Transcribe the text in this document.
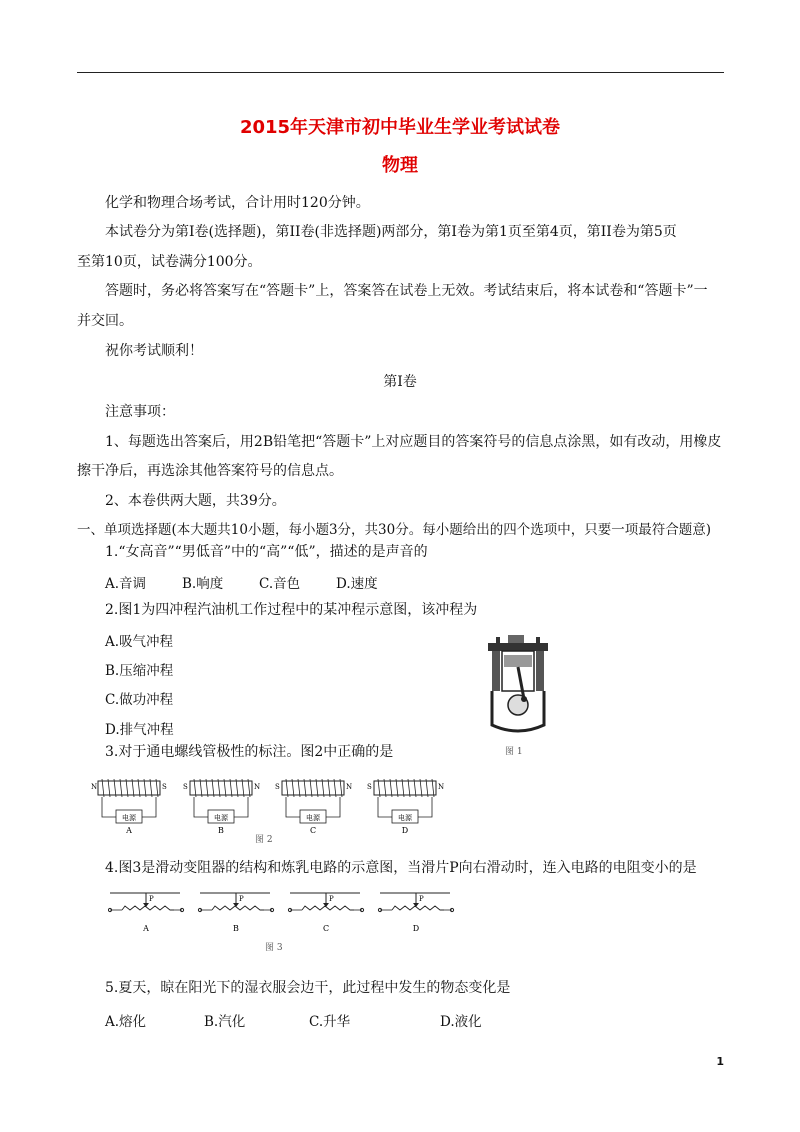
2015年天津市初中毕业生学业考试试卷
物理
化学和物理合场考试，合计用时120分钟。
本试卷分为第Ⅰ卷(选择题)，第II卷(非选择题)两部分，第Ⅰ卷为第1页至第4页，第II卷为第5页
至第10页，试卷满分100分。
答题时，务必将答案写在“答题卡”上，答案答在试卷上无效。考试结束后，将本试卷和“答题卡”一
并交回。
祝你考试顺利！
第Ⅰ卷
注意事项：
1、每题选出答案后，用2B铅笔把“答题卡”上对应题目的答案符号的信息点涂黑，如有改动，用橡皮
擦干净后，再选涂其他答案符号的信息点。
2、本卷供两大题，共39分。
一、单项选择题(本大题共10小题，每小题3分，共30分。每小题给出的四个选项中，只要一项最符合题意)
1.“女高音”“男低音”中的“高”“低”，描述的是声音的
A.音调	B.响度	C.音色	D.速度
2.图1为四冲程汽油机工作过程中的某冲程示意图，该冲程为
A.吸气冲程
B.压缩冲程
C.做功冲程
D.排气冲程
图 1
3.对于通电螺线管极性的标注。图2中正确的是
电源
N	S
A
电源
S	N
B
电源
S	N
C
电源
S	N
D
图 2
4.图3是滑动变阻器的结构和炼乳电路的示意图，当滑片P向右滑动时，连入电路的电阻变小的是
P
A
P
B
P
C
P
D
图 3
5.夏天，晾在阳光下的湿衣服会边干，此过程中发生的物态变化是
A.熔化	B.汽化	C.升华	D.液化
1
